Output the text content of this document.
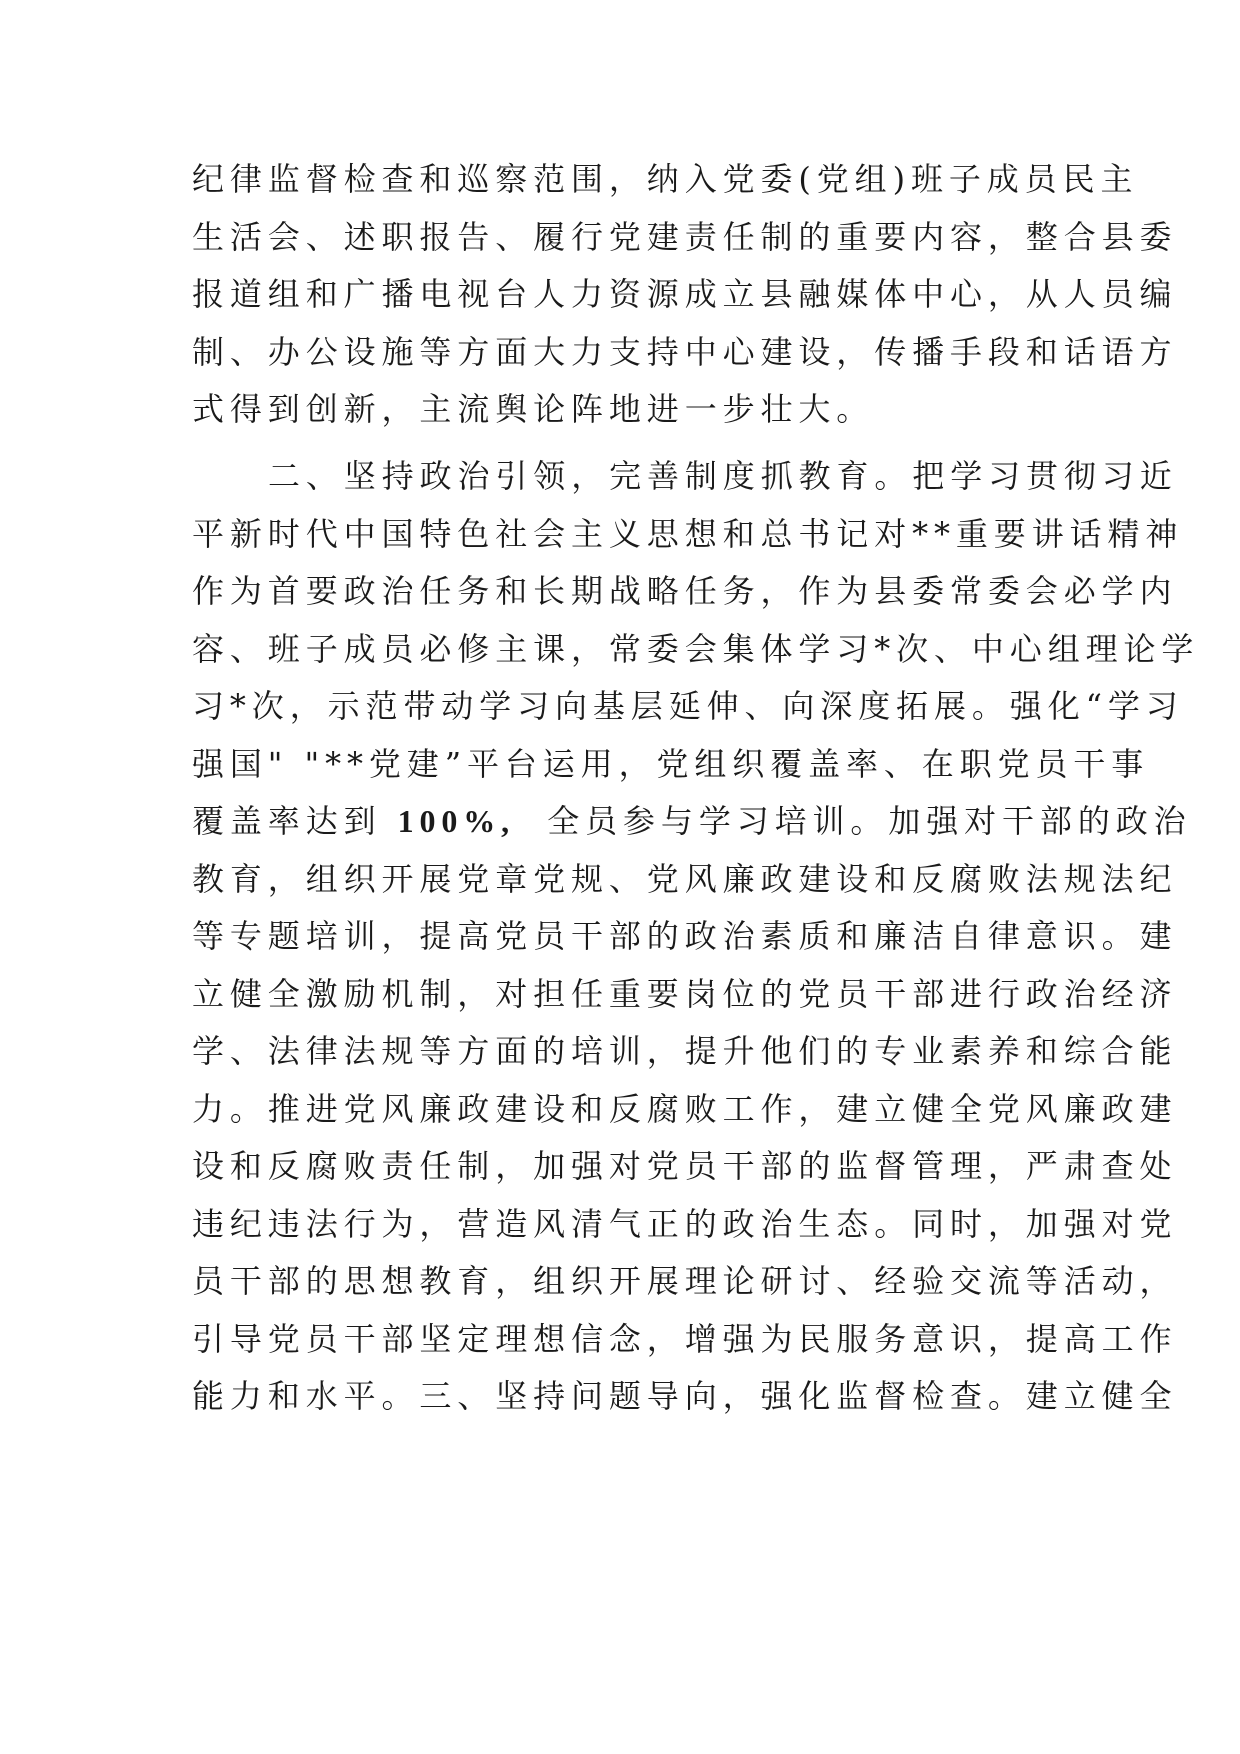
纪律监督检查和巡察范围，纳入党委(党组)班子成员民主
生活会、述职报告、履行党建责任制的重要内容，整合县委
报道组和广播电视台人力资源成立县融媒体中心，从人员编
制、办公设施等方面大力支持中心建设，传播手段和话语方
式得到创新，主流舆论阵地进一步壮大。
二、坚持政治引领，完善制度抓教育。把学习贯彻习近
平新时代中国特色社会主义思想和总书记对**重要讲话精神
作为首要政治任务和长期战略任务，作为县委常委会必学内
容、班子成员必修主课，常委会集体学习*次、中心组理论学
习*次，示范带动学习向基层延伸、向深度拓展。强化“学习
强国" "**党建”平台运用，党组织覆盖率、在职党员干事
覆盖率达到 100%,  全员参与学习培训。加强对干部的政治
教育，组织开展党章党规、党风廉政建设和反腐败法规法纪
等专题培训，提高党员干部的政治素质和廉洁自律意识。建
立健全激励机制，对担任重要岗位的党员干部进行政治经济
学、法律法规等方面的培训，提升他们的专业素养和综合能
力。推进党风廉政建设和反腐败工作，建立健全党风廉政建
设和反腐败责任制，加强对党员干部的监督管理，严肃查处
违纪违法行为，营造风清气正的政治生态。同时，加强对党
员干部的思想教育，组织开展理论研讨、经验交流等活动，
引导党员干部坚定理想信念，增强为民服务意识，提高工作
能力和水平。三、坚持问题导向，强化监督检查。建立健全
